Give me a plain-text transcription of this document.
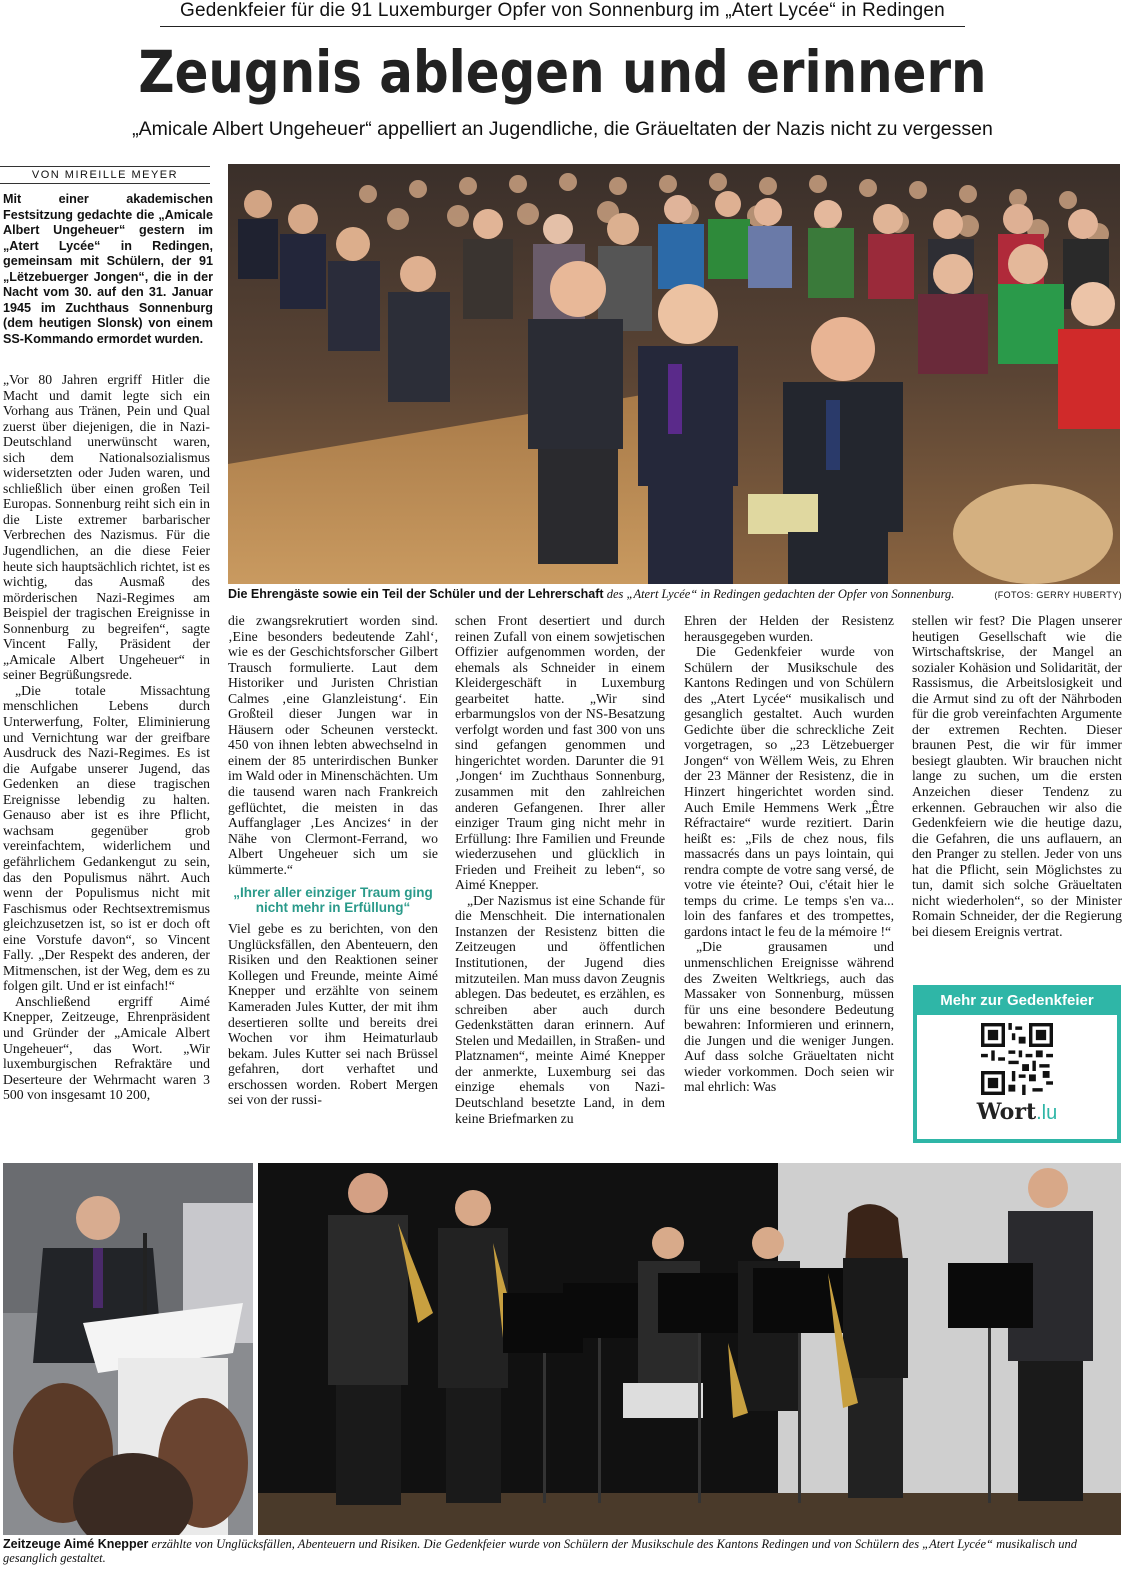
Gedenkfeier für die 91 Luxemburger Opfer von Sonnenburg im „Atert Lycée“ in Redingen
Zeugnis ablegen und erinnern
„Amicale Albert Ungeheuer“ appelliert an Jugendliche, die Gräueltaten der Nazis nicht zu vergessen
VON MIREILLE MEYER
Mit einer akademischen Festsitzung gedachte die „Amicale Albert Ungeheuer“ gestern im „Atert Lycée“ in Redingen, gemeinsam mit Schülern, der 91 „Lëtzebuerger Jongen“, die in der Nacht vom 30. auf den 31. Januar 1945 im Zuchthaus Sonnenburg (dem heutigen Slonsk) von einem SS-Kommando ermordet wurden.
Die Ehrengäste sowie ein Teil der Schüler und der Lehrerschaft des „Atert Lycée“ in Redingen gedachten der Opfer von Sonnenburg.	(FOTOS: GERRY HUBERTY)

„Vor 80 Jahren ergriff Hitler die Macht und damit legte sich ein Vorhang aus Tränen, Pein und Qual zuerst über diejenigen, die in Nazi-Deutschland unerwünscht waren, sich dem Nationalsozialismus widersetzten oder Juden waren, und schließlich über einen großen Teil Europas. Sonnenburg reiht sich ein in die Liste extremer barbarischer Verbrechen des Nazismus. Für die Jugendlichen, an die diese Feier heute sich hauptsächlich richtet, ist es wichtig, das Ausmaß des mörderischen Nazi-Regimes am Beispiel der tragischen Ereignisse in Sonnenburg zu begreifen“, sagte Vincent Fally, Präsident der „Amicale Albert Ungeheuer“ in seiner Begrüßungsrede.

„Die totale Missachtung menschlichen Lebens durch Unterwerfung, Folter, Eliminierung und Vernichtung war der greifbare Ausdruck des Nazi-Regimes. Es ist die Aufgabe unserer Jugend, das Gedenken an diese tragischen Ereignisse lebendig zu halten. Genauso aber ist es ihre Pflicht, wachsam gegenüber grob vereinfachtem, widerlichem und gefährlichem Gedankengut zu sein, das den Populismus nährt. Auch wenn der Populismus nicht mit Faschismus oder Rechtsextremismus gleichzusetzen ist, so ist er doch oft eine Vorstufe davon“, so Vincent Fally. „Der Respekt des anderen, der Mitmenschen, ist der Weg, dem es zu folgen gilt. Und er ist einfach!“

Anschließend ergriff Aimé Knepper, Zeitzeuge, Ehrenpräsident und Gründer der „Amicale Albert Ungeheuer“, das Wort. „Wir luxemburgischen Refraktäre und Deserteure der Wehrmacht waren 3 500 von insgesamt 10 200,

die zwangsrekrutiert worden sind. ‚Eine besonders bedeutende Zahl‘, wie es der Geschichtsforscher Gilbert Trausch formulierte. Laut dem Historiker und Juristen Christian Calmes ‚eine Glanzleistung‘. Ein Großteil dieser Jungen war in Häusern oder Scheunen versteckt. 450 von ihnen lebten abwechselnd in einem der 85 unterirdischen Bunker im Wald oder in Minenschächten. Um die tausend waren nach Frankreich geflüchtet, die meisten in das Auffanglager ‚Les Ancizes‘ in der Nähe von Clermont-Ferrand, wo Albert Ungeheuer sich um sie kümmerte.“

„Ihrer aller einziger Traum ging nicht mehr in Erfüllung“

Viel gebe es zu berichten, von den Unglücksfällen, den Abenteuern, den Risiken und den Reaktionen seiner Kollegen und Freunde, meinte Aimé Knepper und erzählte von seinem Kameraden Jules Kutter, der mit ihm desertieren sollte und bereits drei Wochen vor ihm Heimaturlaub bekam. Jules Kutter sei nach Brüssel gefahren, dort verhaftet und erschossen worden. Robert Mergen sei von der russi-

schen Front desertiert und durch reinen Zufall von einem sowjetischen Offizier aufgenommen worden, der ehemals als Schneider in einem Kleidergeschäft in Luxemburg gearbeitet hatte. „Wir sind erbarmungslos von der NS-Besatzung verfolgt worden und fast 300 von uns sind gefangen genommen und hingerichtet worden. Darunter die 91 ‚Jongen‘ im Zuchthaus Sonnenburg, zusammen mit den zahlreichen anderen Gefangenen. Ihrer aller einziger Traum ging nicht mehr in Erfüllung: Ihre Familien und Freunde wiederzusehen und glücklich in Frieden und Freiheit zu leben“, so Aimé Knepper.

„Der Nazismus ist eine Schande für die Menschheit. Die internationalen Instanzen der Resistenz bitten die Zeitzeugen und öffentlichen Institutionen, der Jugend dies mitzuteilen. Man muss davon Zeugnis ablegen. Das bedeutet, es erzählen, es schreiben aber auch durch Gedenkstätten daran erinnern. Auf Stelen und Medaillen, in Straßen- und Platznamen“, meinte Aimé Knepper der anmerkte, Luxemburg sei das einzige ehemals von Nazi-Deutschland besetzte Land, in dem keine Briefmarken zu

Ehren der Helden der Resistenz herausgegeben wurden.

Die Gedenkfeier wurde von Schülern der Musikschule des Kantons Redingen und von Schülern des „Atert Lycée“ musikalisch und gesanglich gestaltet. Auch wurden Gedichte über die schreckliche Zeit vorgetragen, so „23 Lëtzebuerger Jongen“ von Wëllem Weis, zu Ehren der 23 Männer der Resistenz, die in Hinzert hingerichtet worden sind. Auch Emile Hemmens Werk „Être Réfractaire“ wurde rezitiert. Darin heißt es: „Fils de chez nous, fils massacrés dans un pays lointain, qui rendra compte de votre sang versé, de votre vie éteinte? Oui, c'était hier le temps du crime. Le temps s'en va... loin des fanfares et des trompettes, gardons intact le feu de la mémoire !“

„Die grausamen und unmenschlichen Ereignisse während des Zweiten Weltkriegs, auch das Massaker von Sonnenburg, müssen für uns eine besondere Bedeutung bewahren: Informieren und erinnern, die Jungen und die weniger Jungen. Auf dass solche Gräueltaten nicht wieder vorkommen. Doch seien wir mal ehrlich: Was

stellen wir fest? Die Plagen unserer heutigen Gesellschaft wie die Wirtschaftskrise, der Mangel an sozialer Kohäsion und Solidarität, der Rassismus, die Arbeitslosigkeit und die Armut sind zu oft der Nährboden für die grob vereinfachten Argumente der extremen Rechten. Dieser braunen Pest, die wir für immer besiegt glaubten. Wir brauchen nicht lange zu suchen, um die ersten Anzeichen dieser Tendenz zu erkennen. Gebrauchen wir also die Gedenkfeiern wie die heutige dazu, die Gefahren, die uns auflauern, an den Pranger zu stellen. Jeder von uns hat die Pflicht, sein Möglichstes zu tun, damit sich solche Gräueltaten nicht wiederholen“, so der Minister Romain Schneider, der die Regierung bei diesem Ereignis vertrat.

Mehr zur Gedenkfeier
Wort.lu
Zeitzeuge Aimé Knepper erzählte von Unglücksfällen, Abenteuern und Risiken. Die Gedenkfeier wurde von Schülern der Musikschule des Kantons Redingen und von Schülern des „Atert Lycée“ musikalisch und gesanglich gestaltet.
